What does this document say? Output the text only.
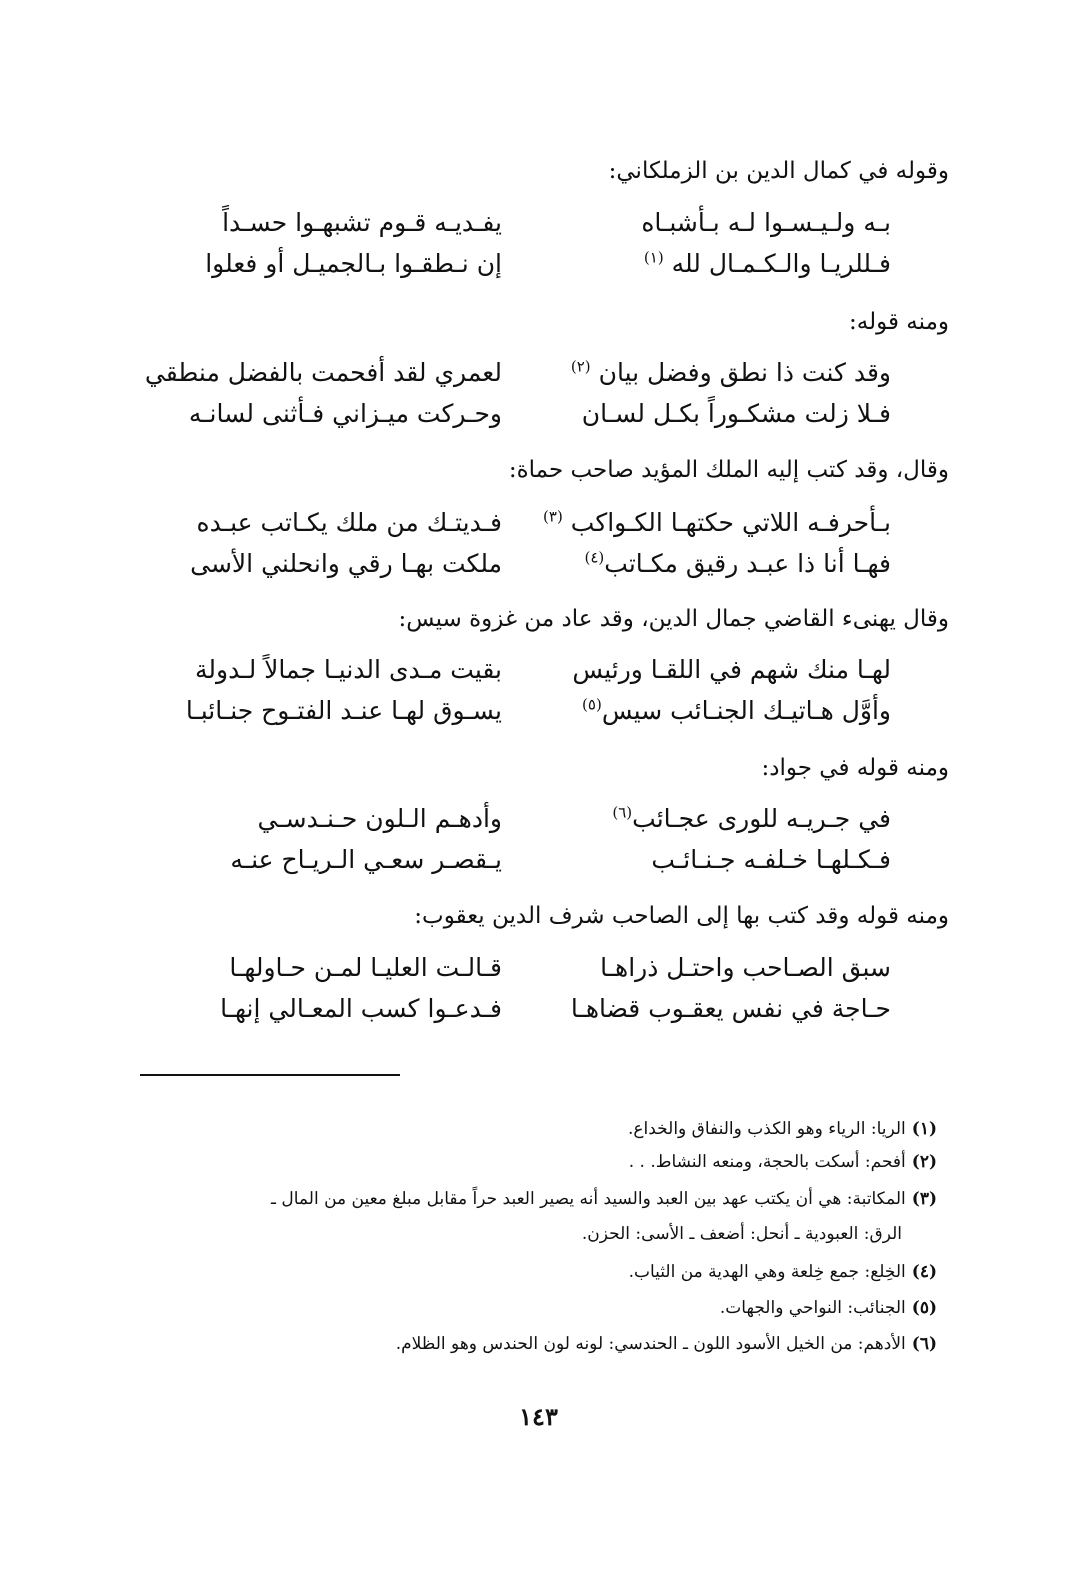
وقوله في كمال الدين بن الزملكاني:
يفـديـه قـوم تشبهـوا حسـداً	بـه ولـيـسـوا لـه بـأشبـاه
إن نـطقـوا بـالجميـل أو فعلوا	فـللريـا والـكـمـال لله $^{(١)}$
ومنه قوله:
لعمري لقد أفحمت بالفضل منطقي	وقد كنت ذا نطق وفضل بيان $^{(٢)}$
وحـركت ميـزاني فـأثنى لسانـه	فـلا زلت مشكـوراً بكـل لسـان
وقال، وقد كتب إليه الملك المؤيد صاحب حماة:
فـديتـك من ملك يكـاتب عبـده	بـأحرفـه اللاتي حكتهـا الكـواكب $^{(٣)}$
ملكت بهـا رقي وانحلني الأسى	فهـا أنا ذا عبـد رقيق مكـاتب$^{(٤)}$
وقال يهنىء القاضي جمال الدين، وقد عاد من غزوة سيس:
بقيت مـدى الدنيـا جمالاً لـدولة	لهـا منك شهم في اللقـا ورئيس
يسـوق لهـا عنـد الفتـوح جنـائبـا	وأوَّل هـاتيـك الجنـائب سيس$^{(٥)}$
ومنه قوله في جواد:
وأدهـم الـلون حـنـدسـي	في جـريـه للورى عجـائب$^{(٦)}$
يـقصـر سعـي الـريـاح عنـه	فـكـلهـا خـلفـه جـنـائـب
ومنه قوله وقد كتب بها إلى الصاحب شرف الدين يعقوب:
قـالـت العليـا لمـن حـاولهـا	سبق الصـاحب واحتـل ذراهـا
فـدعـوا كسب المعـالي إنهـا	حـاجة في نفس يعقـوب قضاهـا
(١)الريا: الرياء وهو الكذب والنفاق والخداع.
(٢)أفحم: أسكت بالحجة، ومنعه النشاط. . .
(٣)المكاتبة: هي أن يكتب عهد بين العبد والسيد أنه يصير العبد حراً مقابل مبلغ معين من المال ـ
الرق: العبودية ـ أنحل: أضعف ـ الأسى: الحزن.
(٤)الخِلع: جمع خِلعة وهي الهدية من الثياب.
(٥)الجنائب: النواحي والجهات.
(٦)الأدهم: من الخيل الأسود اللون ـ الحندسي: لونه لون الحندس وهو الظلام.
١٤٣
